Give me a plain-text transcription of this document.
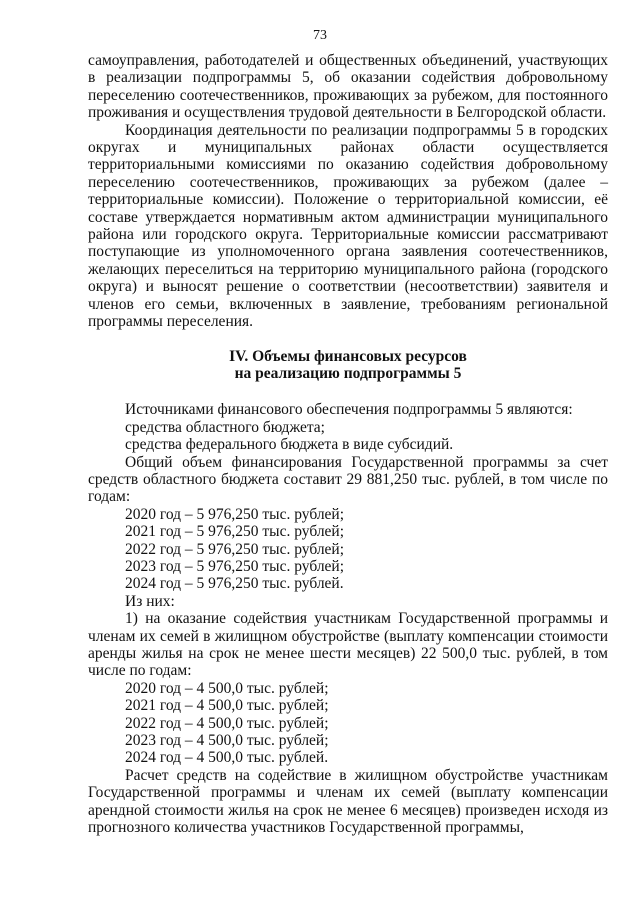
73

самоуправления, работодателей и общественных объединений, участвующих в реализации подпрограммы 5, об оказании содействия добровольному переселению соотечественников, проживающих за рубежом, для постоянного проживания и осуществления трудовой деятельности в Белгородской области.

Координация деятельности по реализации подпрограммы 5 в городских округах и муниципальных районах области осуществляется территориальными комиссиями по оказанию содействия добровольному переселению соотечественников, проживающих за рубежом (далее – территориальные комиссии). Положение о территориальной комиссии, её составе утверждается нормативным актом администрации муниципального района или городского округа. Территориальные комиссии рассматривают поступающие из уполномоченного органа заявления соотечественников, желающих переселиться на территорию муниципального района (городского округа) и выносят решение о соответствии (несоответствии) заявителя и членов его семьи, включенных в заявление, требованиям региональной программы переселения.

IV. Объемы финансовых ресурсов

на реализацию подпрограммы 5

Источниками финансового обеспечения подпрограммы 5 являются:

средства областного бюджета;

средства федерального бюджета в виде субсидий.

Общий объем финансирования Государственной программы за счет средств областного бюджета составит 29 881,250 тыс. рублей, в том числе по годам:

2020 год – 5 976,250 тыс. рублей;

2021 год – 5 976,250 тыс. рублей;

2022 год – 5 976,250 тыс. рублей;

2023 год – 5 976,250 тыс. рублей;

2024 год – 5 976,250 тыс. рублей.

Из них:

1) на оказание содействия участникам Государственной программы и членам их семей в жилищном обустройстве (выплату компенсации стоимости аренды жилья на срок не менее шести месяцев) 22 500,0 тыс. рублей, в том числе по годам:

2020 год – 4 500,0 тыс. рублей;

2021 год – 4 500,0 тыс. рублей;

2022 год – 4 500,0 тыс. рублей;

2023 год – 4 500,0 тыс. рублей;

2024 год – 4 500,0 тыс. рублей.

Расчет средств на содействие в жилищном обустройстве участникам Государственной программы и членам их семей (выплату компенсации арендной стоимости жилья на срок не менее 6 месяцев) произведен исходя из прогнозного количества участников Государственной программы,
